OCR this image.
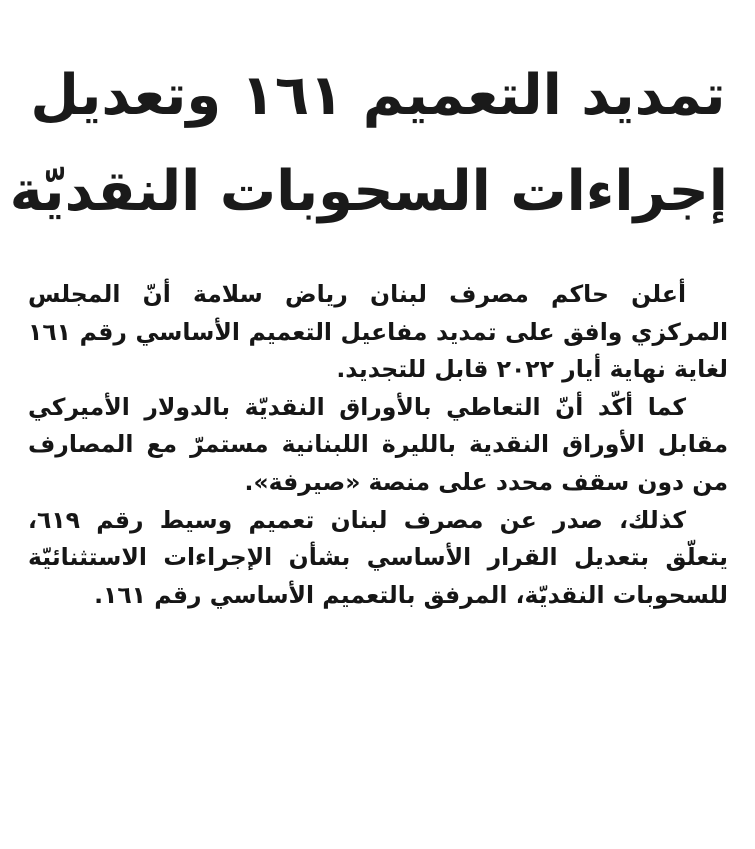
تمديد التعميم ١٦١ وتعديل
إجراءات السحوبات النقديّة

أعلن حاكم مصرف لبنان رياض سلامة أنّ المجلس المركزي وافق على تمديد مفاعيل التعميم الأساسي رقم ١٦١ لغاية نهاية أيار ٢٠٢٢ قابل للتجديد.

كما أكّد أنّ التعاطي بالأوراق النقديّة بالدولار الأميركي مقابل الأوراق النقدية بالليرة اللبنانية مستمرّ مع المصارف من دون سقف محدد على منصة «صيرفة».

كذلك، صدر عن مصرف لبنان تعميم وسيط رقم ٦١٩، يتعلّق بتعديل القرار الأساسي بشأن الإجراءات الاستثنائيّة للسحوبات النقديّة، المرفق بالتعميم الأساسي رقم ١٦١.
